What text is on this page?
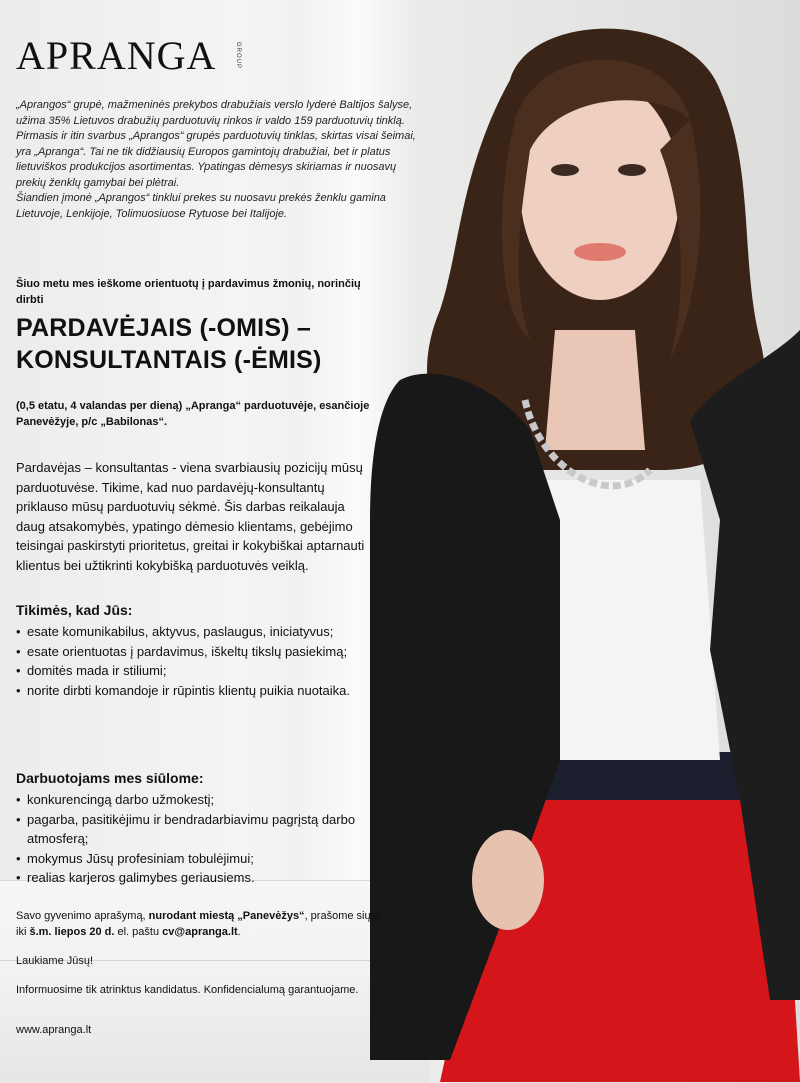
APRANGA	GROUP

„Aprangos“ grupė, mažmeninės prekybos drabužiais verslo lyderė Baltijos šalyse, užima 35% Lietuvos drabužių parduotuvių rinkos ir valdo 159 parduotuvių tinklą.

Pirmasis ir itin svarbus „Aprangos“ grupės parduotuvių tinklas, skirtas visai šeimai, yra „Apranga“. Tai ne tik didžiausių Europos gamintojų drabužiai, bet ir platus lietuviškos produkcijos asortimentas. Ypatingas dėmesys skiriamas ir nuosavų prekių ženklų gamybai bei plėtrai.

Šiandien įmonė „Aprangos“ tinklui prekes su nuosavu prekės ženklu gamina Lietuvoje, Lenkijoje, Tolimuosiuose Rytuose bei Italijoje.

Šiuo metu mes ieškome orientuotų į pardavimus žmonių, norinčių dirbti
PARDAVĖJAIS (-OMIS) –
KONSULTANTAIS (-ĖMIS)
(0,5 etatu, 4 valandas per dieną) „Apranga“ parduotuvėje, esančioje Panevėžyje, p/c „Babilonas“.

Pardavėjas – konsultantas - viena svarbiausių pozicijų mūsų parduotuvėse. Tikime, kad nuo pardavėjų-konsultantų priklauso mūsų parduotuvių sėkmė. Šis darbas reikalauja daug atsakomybės, ypatingo dėmesio klientams, gebėjimo teisingai paskirstyti prioritetus, greitai ir kokybiškai aptarnauti klientus bei užtikrinti kokybišką parduotuvės veiklą.

Tikimės, kad Jūs:
• esate komunikabilus, aktyvus, paslaugus, iniciatyvus;
• esate orientuotas į pardavimus, iškeltų tikslų pasiekimą;
• domitės mada ir stiliumi;
• norite dirbti komandoje ir rūpintis klientų puikia nuotaika.
Darbuotojams mes siūlome:
• konkurencingą darbo užmokestį;
• pagarba, pasitikėjimu ir bendradarbiavimu pagrįstą darbo atmosferą;
• mokymus Jūsų profesiniam tobulėjimui;
• realias karjeros galimybes geriausiems.
Savo gyvenimo aprašymą, nurodant miestą „Panevėžys“, prašome siųsti iki š.m. liepos 20 d. el. paštu cv@apranga.lt.
Laukiame Jūsų!
Informuosime tik atrinktus kandidatus. Konfidencialumą garantuojame.
www.apranga.lt
